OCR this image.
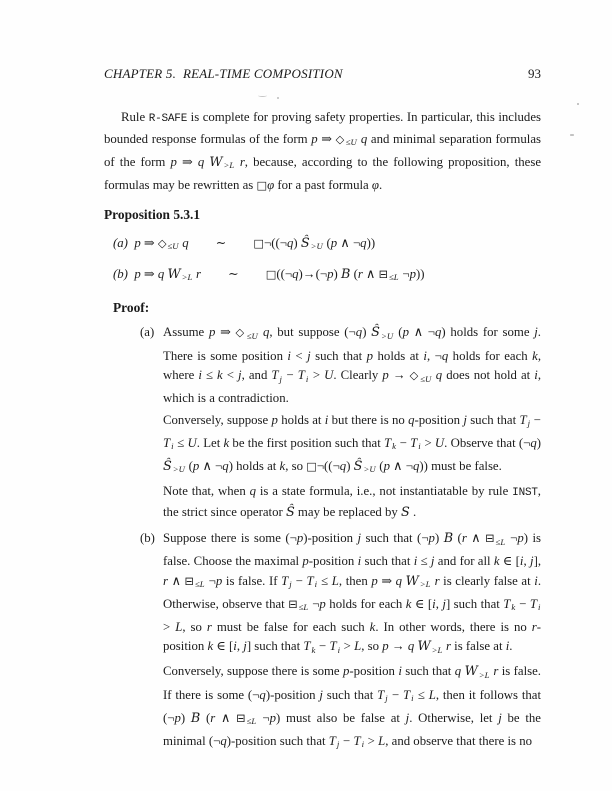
CHAPTER 5.  REAL-TIME COMPOSITION	93

Rule R-SAFE is complete for proving safety properties. In particular, this includes bounded response formulas of the form p ⇒ $◇_{\le U}$ q and minimal separation formulas of the form p ⇒ q $W_{>L}$ r, because, according to the following proposition, these formulas may be rewritten as □φ for a past formula φ.

Proposition 5.3.1
(a) p ⇒ $◇_{\le U}$ q ∼ □¬((¬q) $Ŝ_{>U}$ (p ∧ ¬q))
(b) p ⇒ q $W_{>L}$ r ∼ □((¬q)→(¬p) B (r ∧ $⊟_{\le L}$ ¬p))
Proof:
(a) Assume p ⇒ $◇_{\le U}$ q, but suppose (¬q) $Ŝ_{>U}$ (p ∧ ¬q) holds for some j. There is some position i < j such that p holds at i, ¬q holds for each k, where i ≤ k < j, and $T_j - T_i > U$. Clearly $p \to ◇_{\le U}$ q does not hold at i, which is a contradiction.

Conversely, suppose p holds at i but there is no q-position j such that $T_j - T_i \le U$. Let k be the first position such that $T_k - T_i > U$. Observe that (¬q) $Ŝ_{>U}$ (p ∧ ¬q) holds at k, so □¬((¬q) $Ŝ_{>U}$ (p ∧ ¬q)) must be false.

Note that, when q is a state formula, i.e., not instantiatable by rule INST, the strict since operator Ŝ may be replaced by S .

(b) Suppose there is some (¬p)-position j such that (¬p) B (r ∧ $⊟_{\le L}$ ¬p) is false. Choose the maximal p-position i such that i ≤ j and for all k ∈ [i, j], r ∧ $⊟_{\le L}$ ¬p is false. If $T_j - T_i \le L$, then p ⇒ q $W_{>L}$ r is clearly false at i. Otherwise, observe that $⊟_{\le L}$ ¬p holds for each k ∈ [i, j] such that $T_k - T_i > L$, so r must be false for each such k. In other words, there is no r-position k ∈ [i, j] such that $T_k - T_i > L$, so p → q $W_{>L}$ r is false at i.

Conversely, suppose there is some p-position i such that q $W_{>L}$ r is false. If there is some (¬q)-position j such that $T_j - T_i \le L$, then it follows that (¬p) B (r ∧ $⊟_{\le L}$ ¬p) must also be false at j. Otherwise, let j be the minimal (¬q)-position such that $T_j - T_i > L$, and observe that there is no
